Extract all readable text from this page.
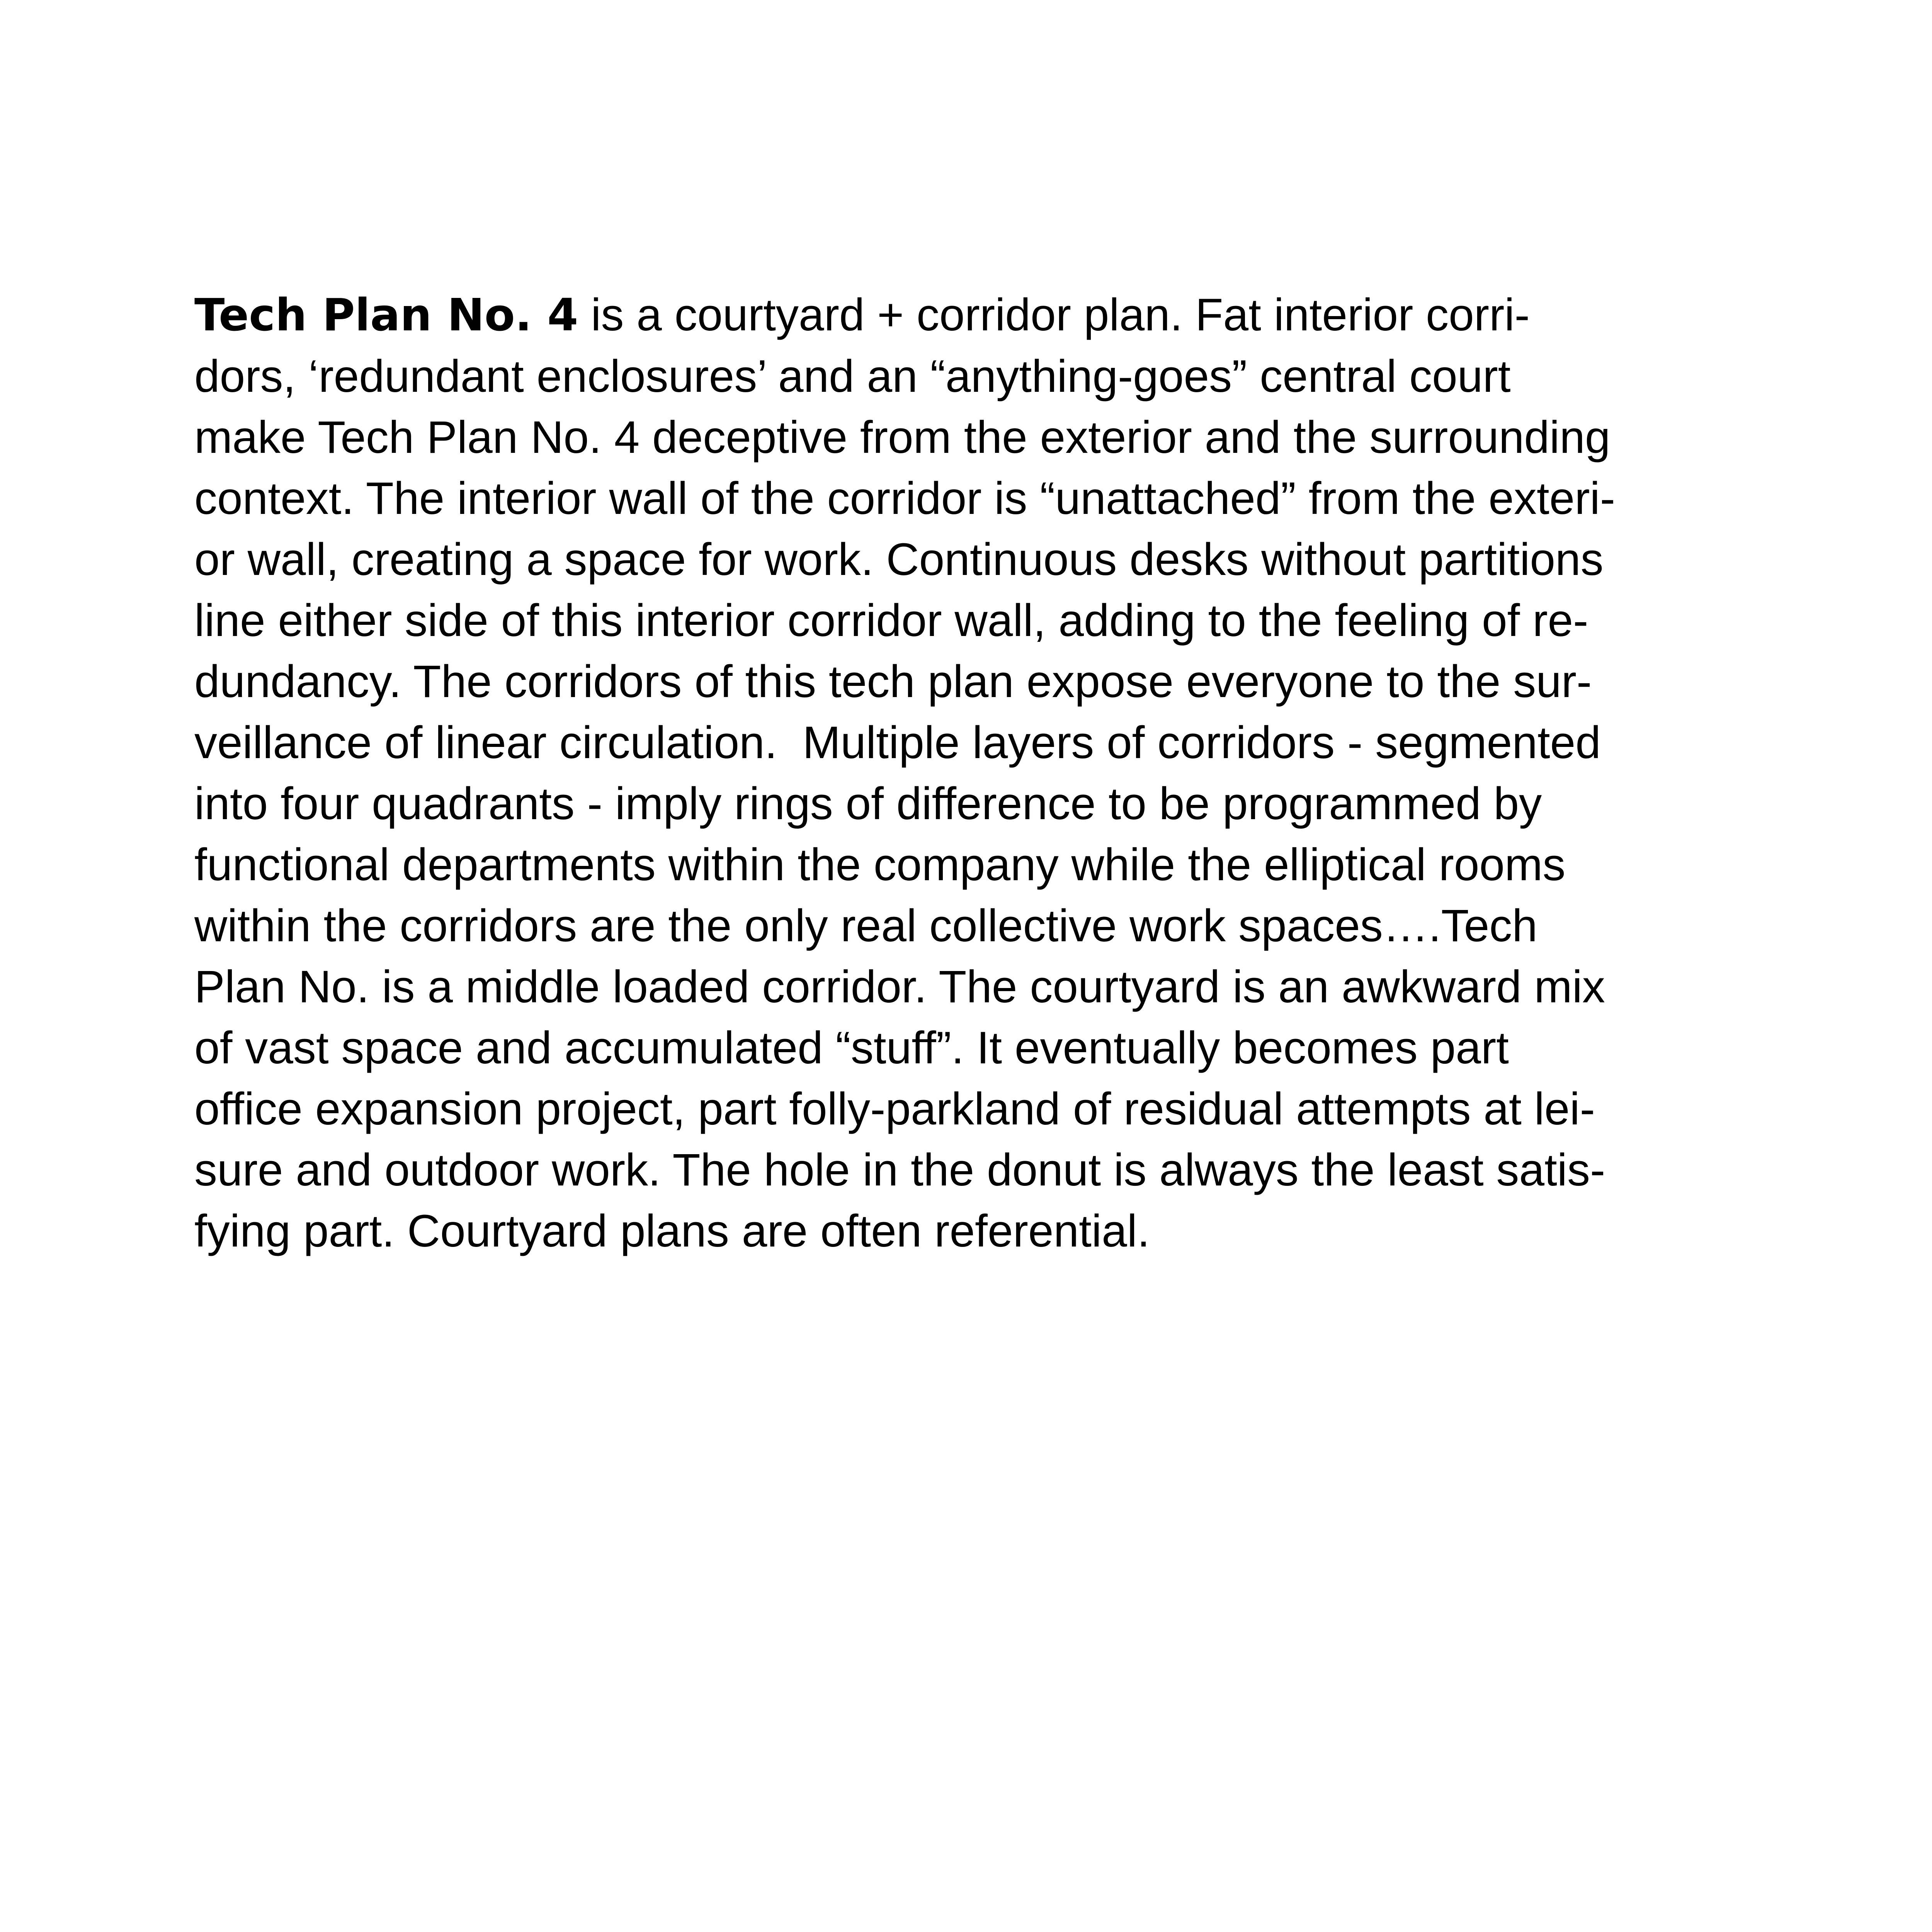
Tech Plan No. 4 is a courtyard + corridor plan. Fat interior corri-
dors, ‘redundant enclosures’ and an “anything-goes” central court
make Tech Plan No. 4 deceptive from the exterior and the surrounding
context. The interior wall of the corridor is “unattached” from the exteri-
or wall, creating a space for work. Continuous desks without partitions
line either side of this interior corridor wall, adding to the feeling of re-
dundancy. The corridors of this tech plan expose everyone to the sur-
veillance of linear circulation.  Multiple layers of corridors - segmented
into four quadrants - imply rings of difference to be programmed by
functional departments within the company while the elliptical rooms
within the corridors are the only real collective work spaces….Tech
Plan No. is a middle loaded corridor. The courtyard is an awkward mix
of vast space and accumulated “stuff”. It eventually becomes part
office expansion project, part folly-parkland of residual attempts at lei-
sure and outdoor work. The hole in the donut is always the least satis-
fying part. Courtyard plans are often referential.
